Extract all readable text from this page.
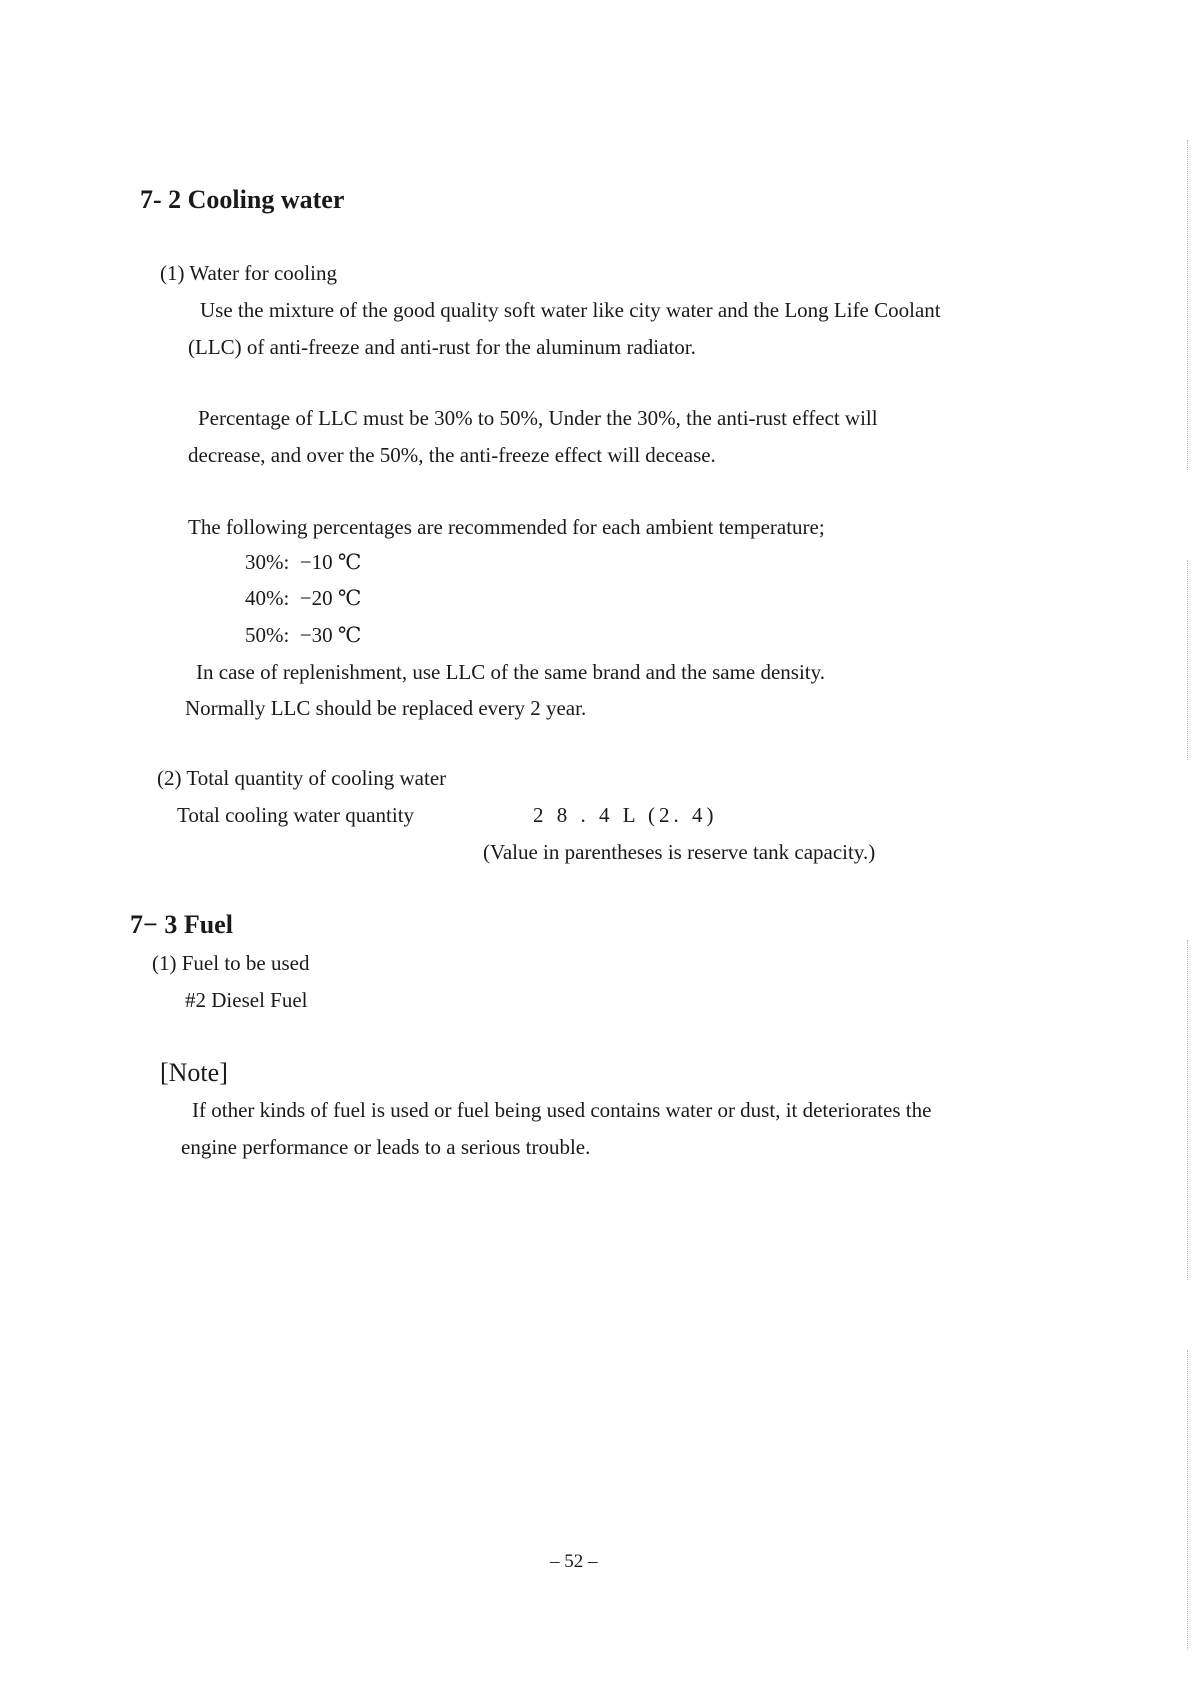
7- 2 Cooling water
(1) Water for cooling
Use the mixture of the good quality soft water like city water and the Long Life Coolant
(LLC) of anti-freeze and anti-rust for the aluminum radiator.
Percentage of LLC must be 30% to 50%, Under the 30%, the anti-rust effect will
decrease, and over the 50%, the anti-freeze effect will decease.
The following percentages are recommended for each ambient temperature;
30%: −10 ℃
40%: −20 ℃
50%: −30 ℃
In case of replenishment, use LLC of the same brand and the same density.
Normally LLC should be replaced every 2 year.
(2) Total quantity of cooling water
Total cooling water quantity	2 8 . 4 L (2. 4)
(Value in parentheses is reserve tank capacity.)
7− 3 Fuel
(1) Fuel to be used
#2 Diesel Fuel
[Note]
If other kinds of fuel is used or fuel being used contains water or dust, it deteriorates the
engine performance or leads to a serious trouble.
– 52 –
